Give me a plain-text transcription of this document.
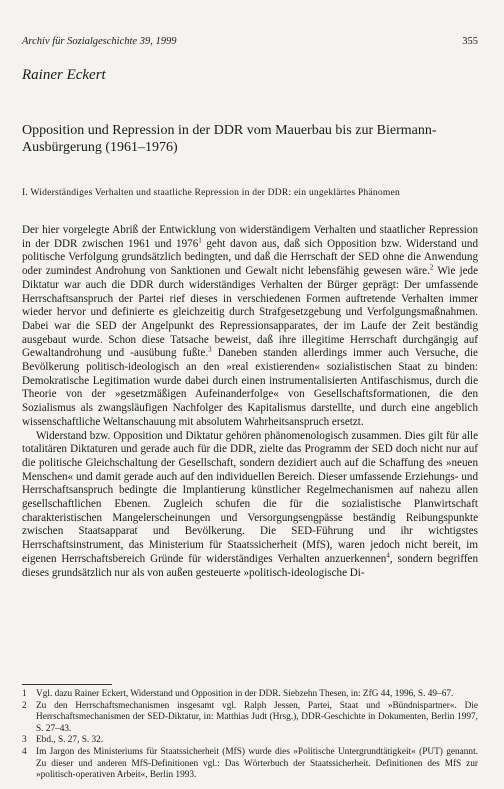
Archiv für Sozialgeschichte 39, 1999	355
Rainer Eckert
Opposition und Repression in der DDR vom Mauerbau bis zur Biermann-Ausbürgerung (1961–1976)
I. Widerständiges Verhalten und staatliche Repression in der DDR: ein ungeklärtes Phänomen

Der hier vorgelegte Abriß der Entwicklung von widerständigem Verhalten und staatlicher Repression in der DDR zwischen 1961 und 1976$^1$ geht davon aus, daß sich Opposition bzw. Widerstand und politische Verfolgung grundsätzlich bedingten, und daß die Herrschaft der SED ohne die Anwendung oder zumindest Androhung von Sanktionen und Gewalt nicht lebensfähig gewesen wäre.$^2$ Wie jede Diktatur war auch die DDR durch widerständiges Verhalten der Bürger geprägt: Der umfassende Herrschaftsanspruch der Partei rief dieses in verschiedenen Formen auftretende Verhalten immer wieder hervor und definierte es gleichzeitig durch Strafgesetzgebung und Verfolgungsmaßnahmen. Dabei war die SED der Angelpunkt des Repressionsapparates, der im Laufe der Zeit beständig ausgebaut wurde. Schon diese Tatsache beweist, daß ihre illegitime Herrschaft durchgängig auf Gewaltandrohung und -ausübung fußte.$^3$ Daneben standen allerdings immer auch Versuche, die Bevölkerung politisch-ideologisch an den »real existierenden« sozialistischen Staat zu binden: Demokratische Legitimation wurde dabei durch einen instrumentalisierten Antifaschismus, durch die Theorie von der »gesetzmäßigen Aufeinanderfolge« von Gesellschaftsformationen, die den Sozialismus als zwangsläufigen Nachfolger des Kapitalismus darstellte, und durch eine angeblich wissenschaftliche Weltanschauung mit absolutem Wahrheitsanspruch ersetzt.

Widerstand bzw. Opposition und Diktatur gehören phänomenologisch zusammen. Dies gilt für alle totalitären Diktaturen und gerade auch für die DDR, zielte das Programm der SED doch nicht nur auf die politische Gleichschaltung der Gesellschaft, sondern dezidiert auch auf die Schaffung des »neuen Menschen« und damit gerade auch auf den individuellen Bereich. Dieser umfassende Erziehungs- und Herrschaftsanspruch bedingte die Implantierung künstlicher Regelmechanismen auf nahezu allen gesellschaftlichen Ebenen. Zugleich schufen die für die sozialistische Planwirtschaft charakteristischen Mangelerscheinungen und Versorgungsengpässe beständig Reibungspunkte zwischen Staatsapparat und Bevölkerung. Die SED-Führung und ihr wichtigstes Herrschaftsinstrument, das Ministerium für Staatssicherheit (MfS), waren jedoch nicht bereit, im eigenen Herrschaftsbereich Gründe für widerständiges Verhalten anzuerkennen$^4$, sondern begriffen dieses grundsätzlich nur als von außen gesteuerte »politisch-ideologische Di-

1 Vgl. dazu Rainer Eckert, Widerstand und Opposition in der DDR. Siebzehn Thesen, in: ZfG 44, 1996, S. 49–67.
2 Zu den Herrschaftsmechanismen insgesamt vgl. Ralph Jessen, Partei, Staat und »Bündnispartner«. Die Herrschaftsmechanismen der SED-Diktatur, in: Matthias Judt (Hrsg.), DDR-Geschichte in Dokumenten, Berlin 1997, S. 27–43.
3 Ebd., S. 27, S. 32.
4 Im Jargon des Ministeriums für Staatssicherheit (MfS) wurde dies »Politische Untergrundtätigkeit« (PUT) genannt. Zu dieser und anderen MfS-Definitionen vgl.: Das Wörterbuch der Staatssicherheit. Definitionen des MfS zur »politisch-operativen Arbeit«, Berlin 1993.
